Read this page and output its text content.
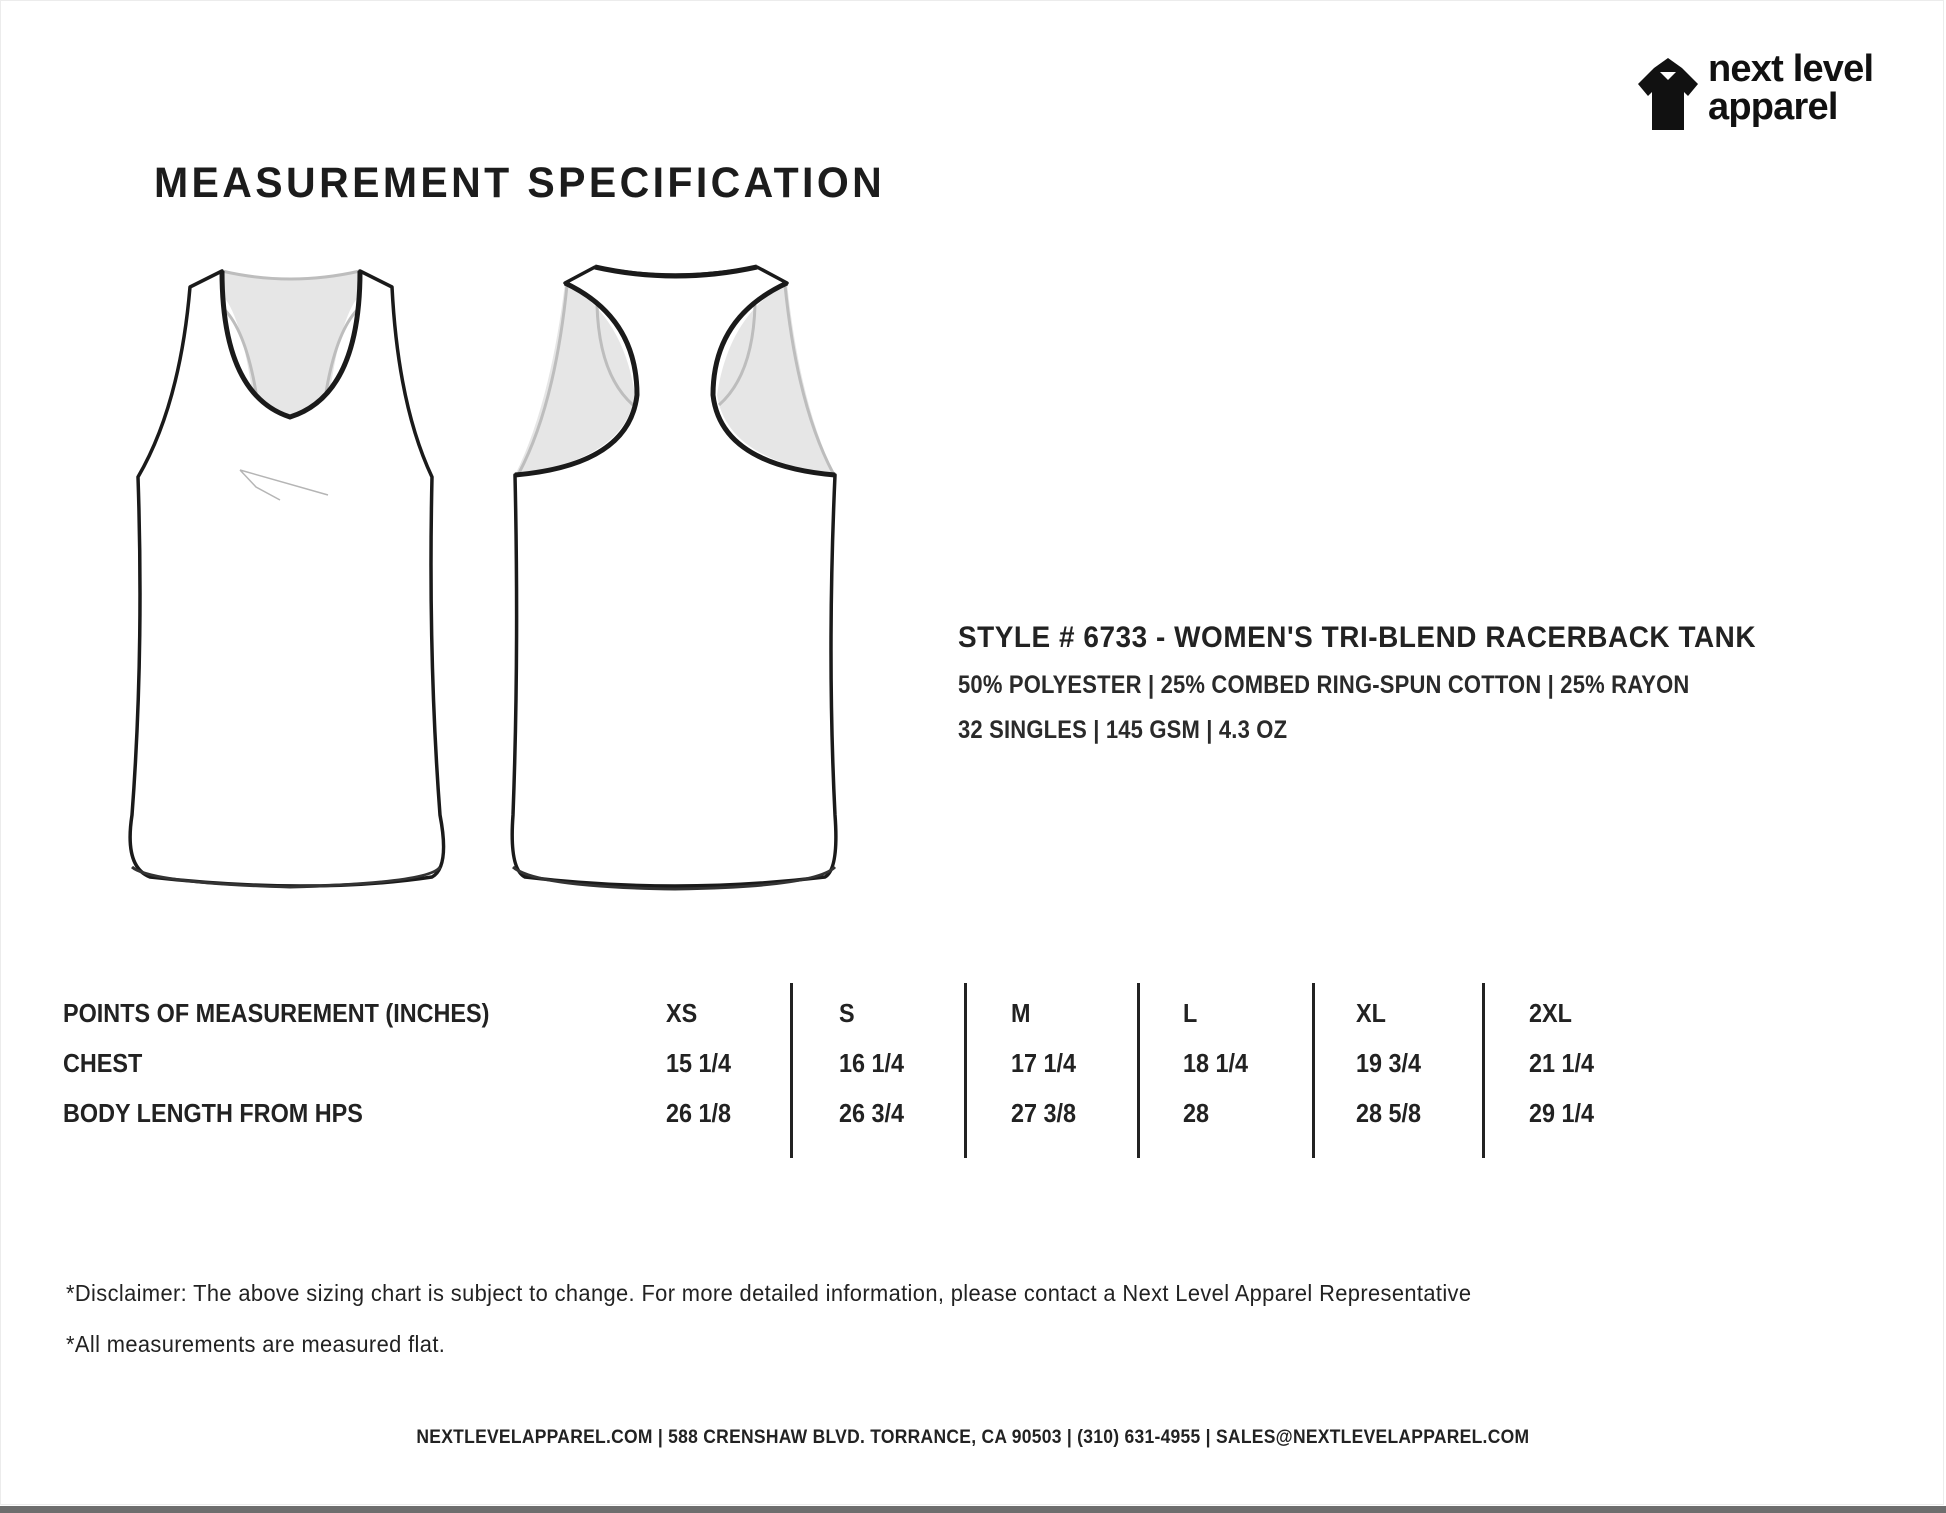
MEASUREMENT SPECIFICATION
next level
apparel
STYLE # 6733 - WOMEN'S TRI-BLEND RACERBACK TANK
50% POLYESTER | 25% COMBED RING-SPUN COTTON | 25% RAYON
32 SINGLES | 145 GSM | 4.3 OZ
POINTS OF MEASUREMENT (INCHES)
CHEST
BODY LENGTH FROM HPS
XS
15 1/4
26 1/8
S
16 1/4
26 3/4
M
17 1/4
27 3/8
L
18 1/4
28
XL
19 3/4
28 5/8
2XL
21 1/4
29 1/4
*Disclaimer: The above sizing chart is subject to change. For more detailed information, please contact a Next Level Apparel Representative
*All measurements are measured flat.
NEXTLEVELAPPAREL.COM | 588 CRENSHAW BLVD. TORRANCE, CA 90503 | (310) 631-4955 | SALES@NEXTLEVELAPPAREL.COM
